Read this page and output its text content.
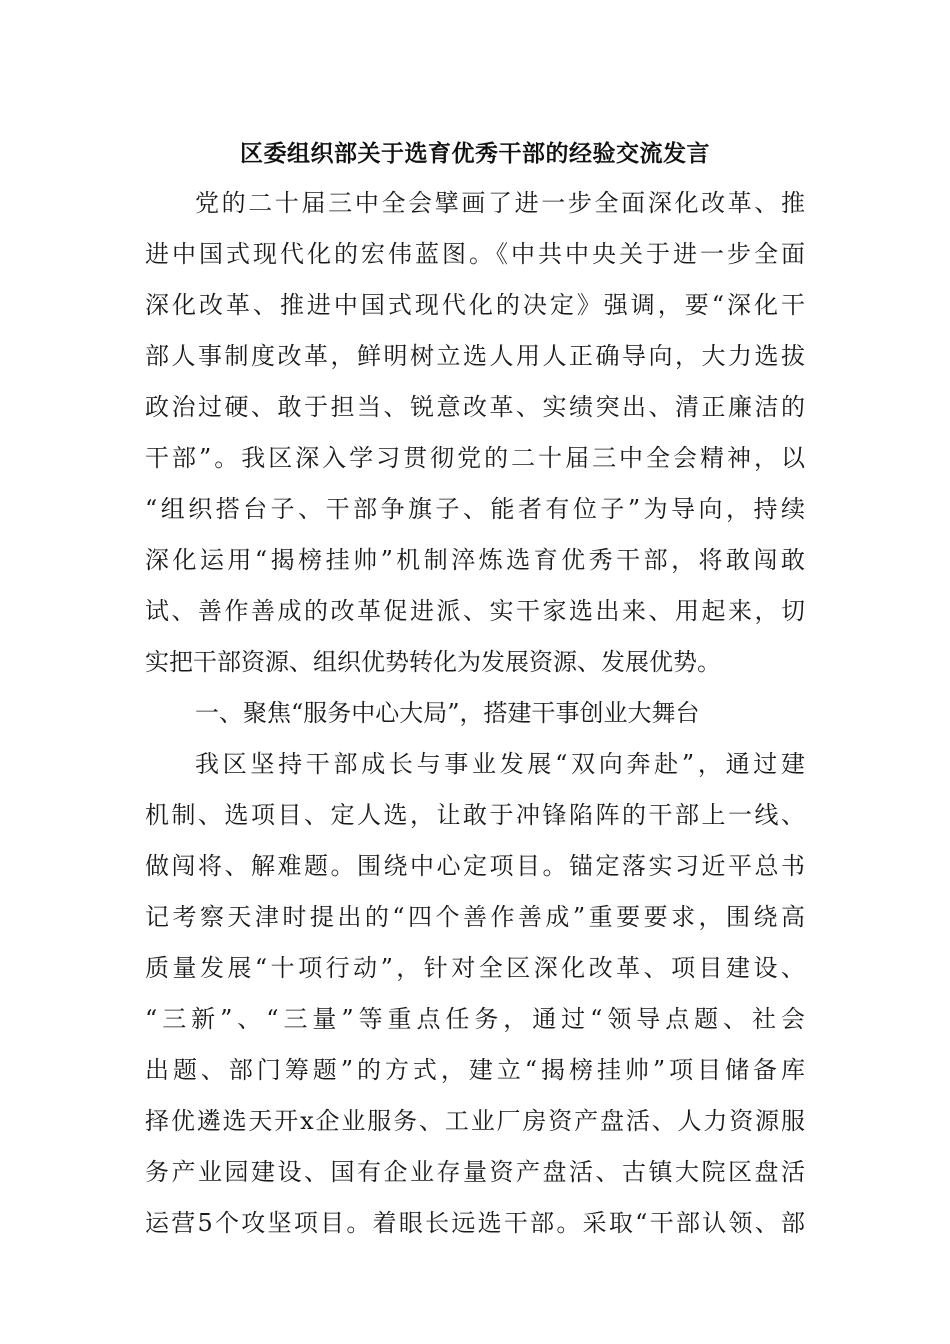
区委组织部关于选育优秀干部的经验交流发言
党的二十届三中全会擘画了进一步全面深化改革、推
进中国式现代化的宏伟蓝图。《中共中央关于进一步全面
深化改革、推进中国式现代化的决定》强调，要“深化干
部人事制度改革，鲜明树立选人用人正确导向，大力选拔
政治过硬、敢于担当、锐意改革、实绩突出、清正廉洁的
干部”。我区深入学习贯彻党的二十届三中全会精神，以
“组织搭台子、干部争旗子、能者有位子”为导向，持续
深化运用“揭榜挂帅”机制淬炼选育优秀干部，将敢闯敢
试、善作善成的改革促进派、实干家选出来、用起来，切
实把干部资源、组织优势转化为发展资源、发展优势。
一、聚焦“服务中心大局”，搭建干事创业大舞台
我区坚持干部成长与事业发展“双向奔赴”，通过建
机制、选项目、定人选，让敢于冲锋陷阵的干部上一线、
做闯将、解难题。围绕中心定项目。锚定落实习近平总书
记考察天津时提出的“四个善作善成”重要要求，围绕高
质量发展“十项行动”，针对全区深化改革、项目建设、
“三新”、“三量”等重点任务，通过“领导点题、社会
出题、部门筹题”的方式，建立“揭榜挂帅”项目储备库
择优遴选天开x企业服务、工业厂房资产盘活、人力资源服
务产业园建设、国有企业存量资产盘活、古镇大院区盘活
运营5个攻坚项目。着眼长远选干部。采取“干部认领、部
